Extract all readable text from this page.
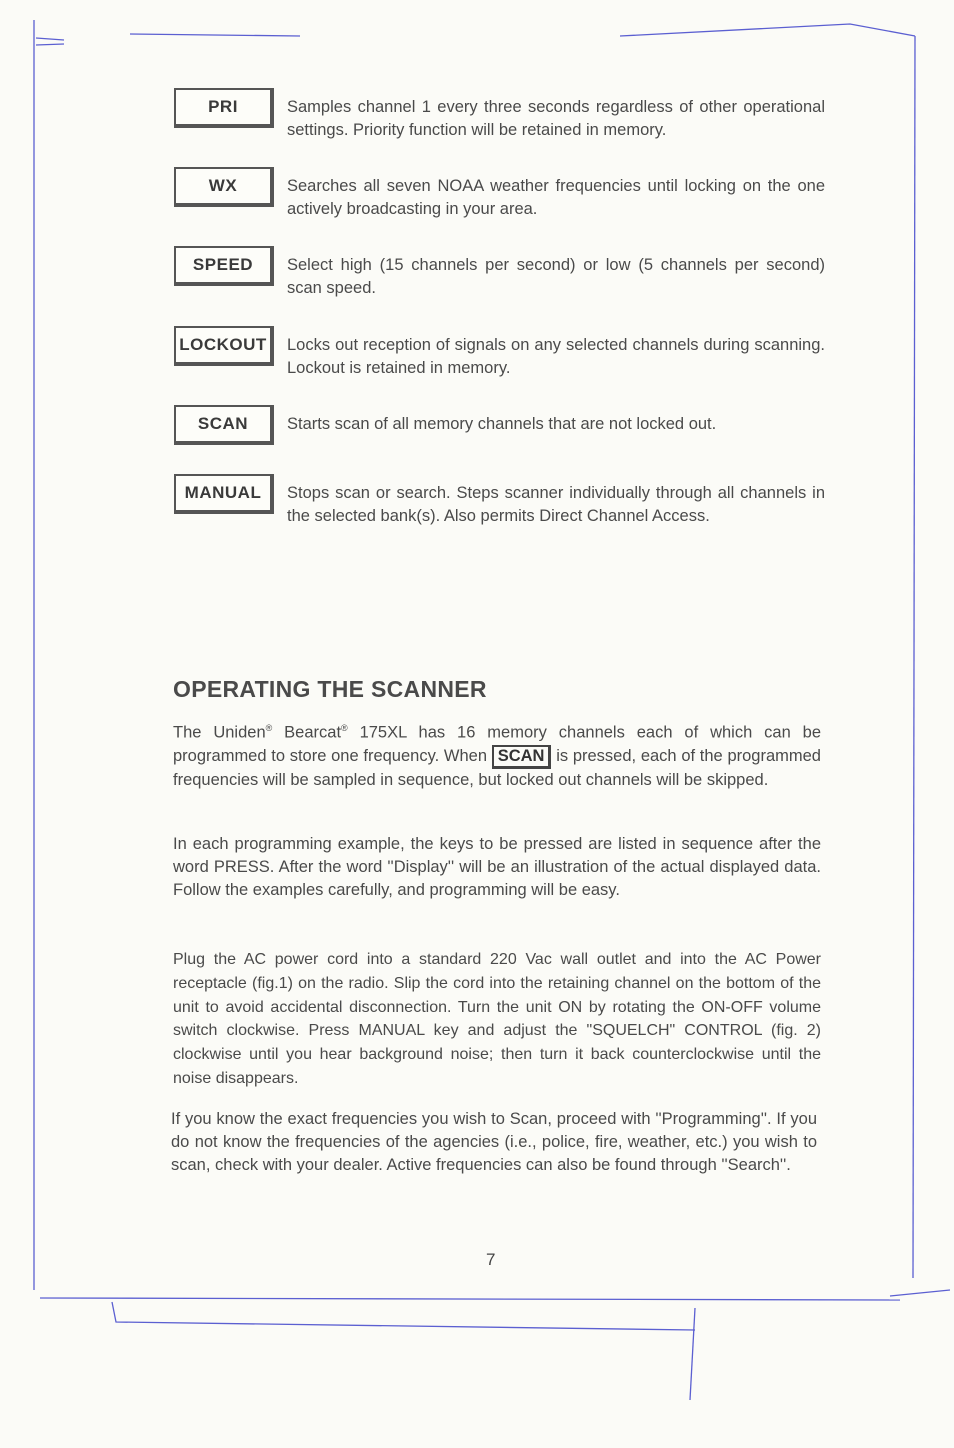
PRI	Samples channel 1 every three seconds regardless of other operational settings. Priority function will be retained in memory.
WX	Searches all seven NOAA weather frequencies until locking on the one actively broadcasting in your area.
SPEED	Select high (15 channels per second) or low (5 channels per second) scan speed.
LOCKOUT	Locks out reception of signals on any selected channels during scanning. Lockout is retained in memory.
SCAN	Starts scan of all memory channels that are not locked out.
MANUAL	Stops scan or search. Steps scanner individually through all channels in the selected bank(s). Also permits Direct Channel Access.
OPERATING THE SCANNER

The Uniden® Bearcat® 175XL has 16 memory channels each of which can be programmed to store one frequency. When SCAN is pressed, each of the programmed frequencies will be sampled in sequence, but locked out channels will be skipped.

In each programming example, the keys to be pressed are listed in sequence after the word PRESS. After the word ''Display'' will be an illustration of the actual displayed data. Follow the examples carefully, and programming will be easy.

Plug the AC power cord into a standard 220 Vac wall outlet and into the AC Power receptacle (fig.1) on the radio. Slip the cord into the retaining channel on the bottom of the unit to avoid accidental disconnection. Turn the unit ON by rotating the ON-OFF volume switch clockwise. Press MANUAL key and adjust the "SQUELCH" CONTROL (fig. 2) clockwise until you hear background noise; then turn it back counterclockwise until the noise disappears.

If you know the exact frequencies you wish to Scan, proceed with ''Programming''. If you do not know the frequencies of the agencies (i.e., police, fire, weather, etc.) you wish to scan, check with your dealer. Active frequencies can also be found through ''Search''.

7
